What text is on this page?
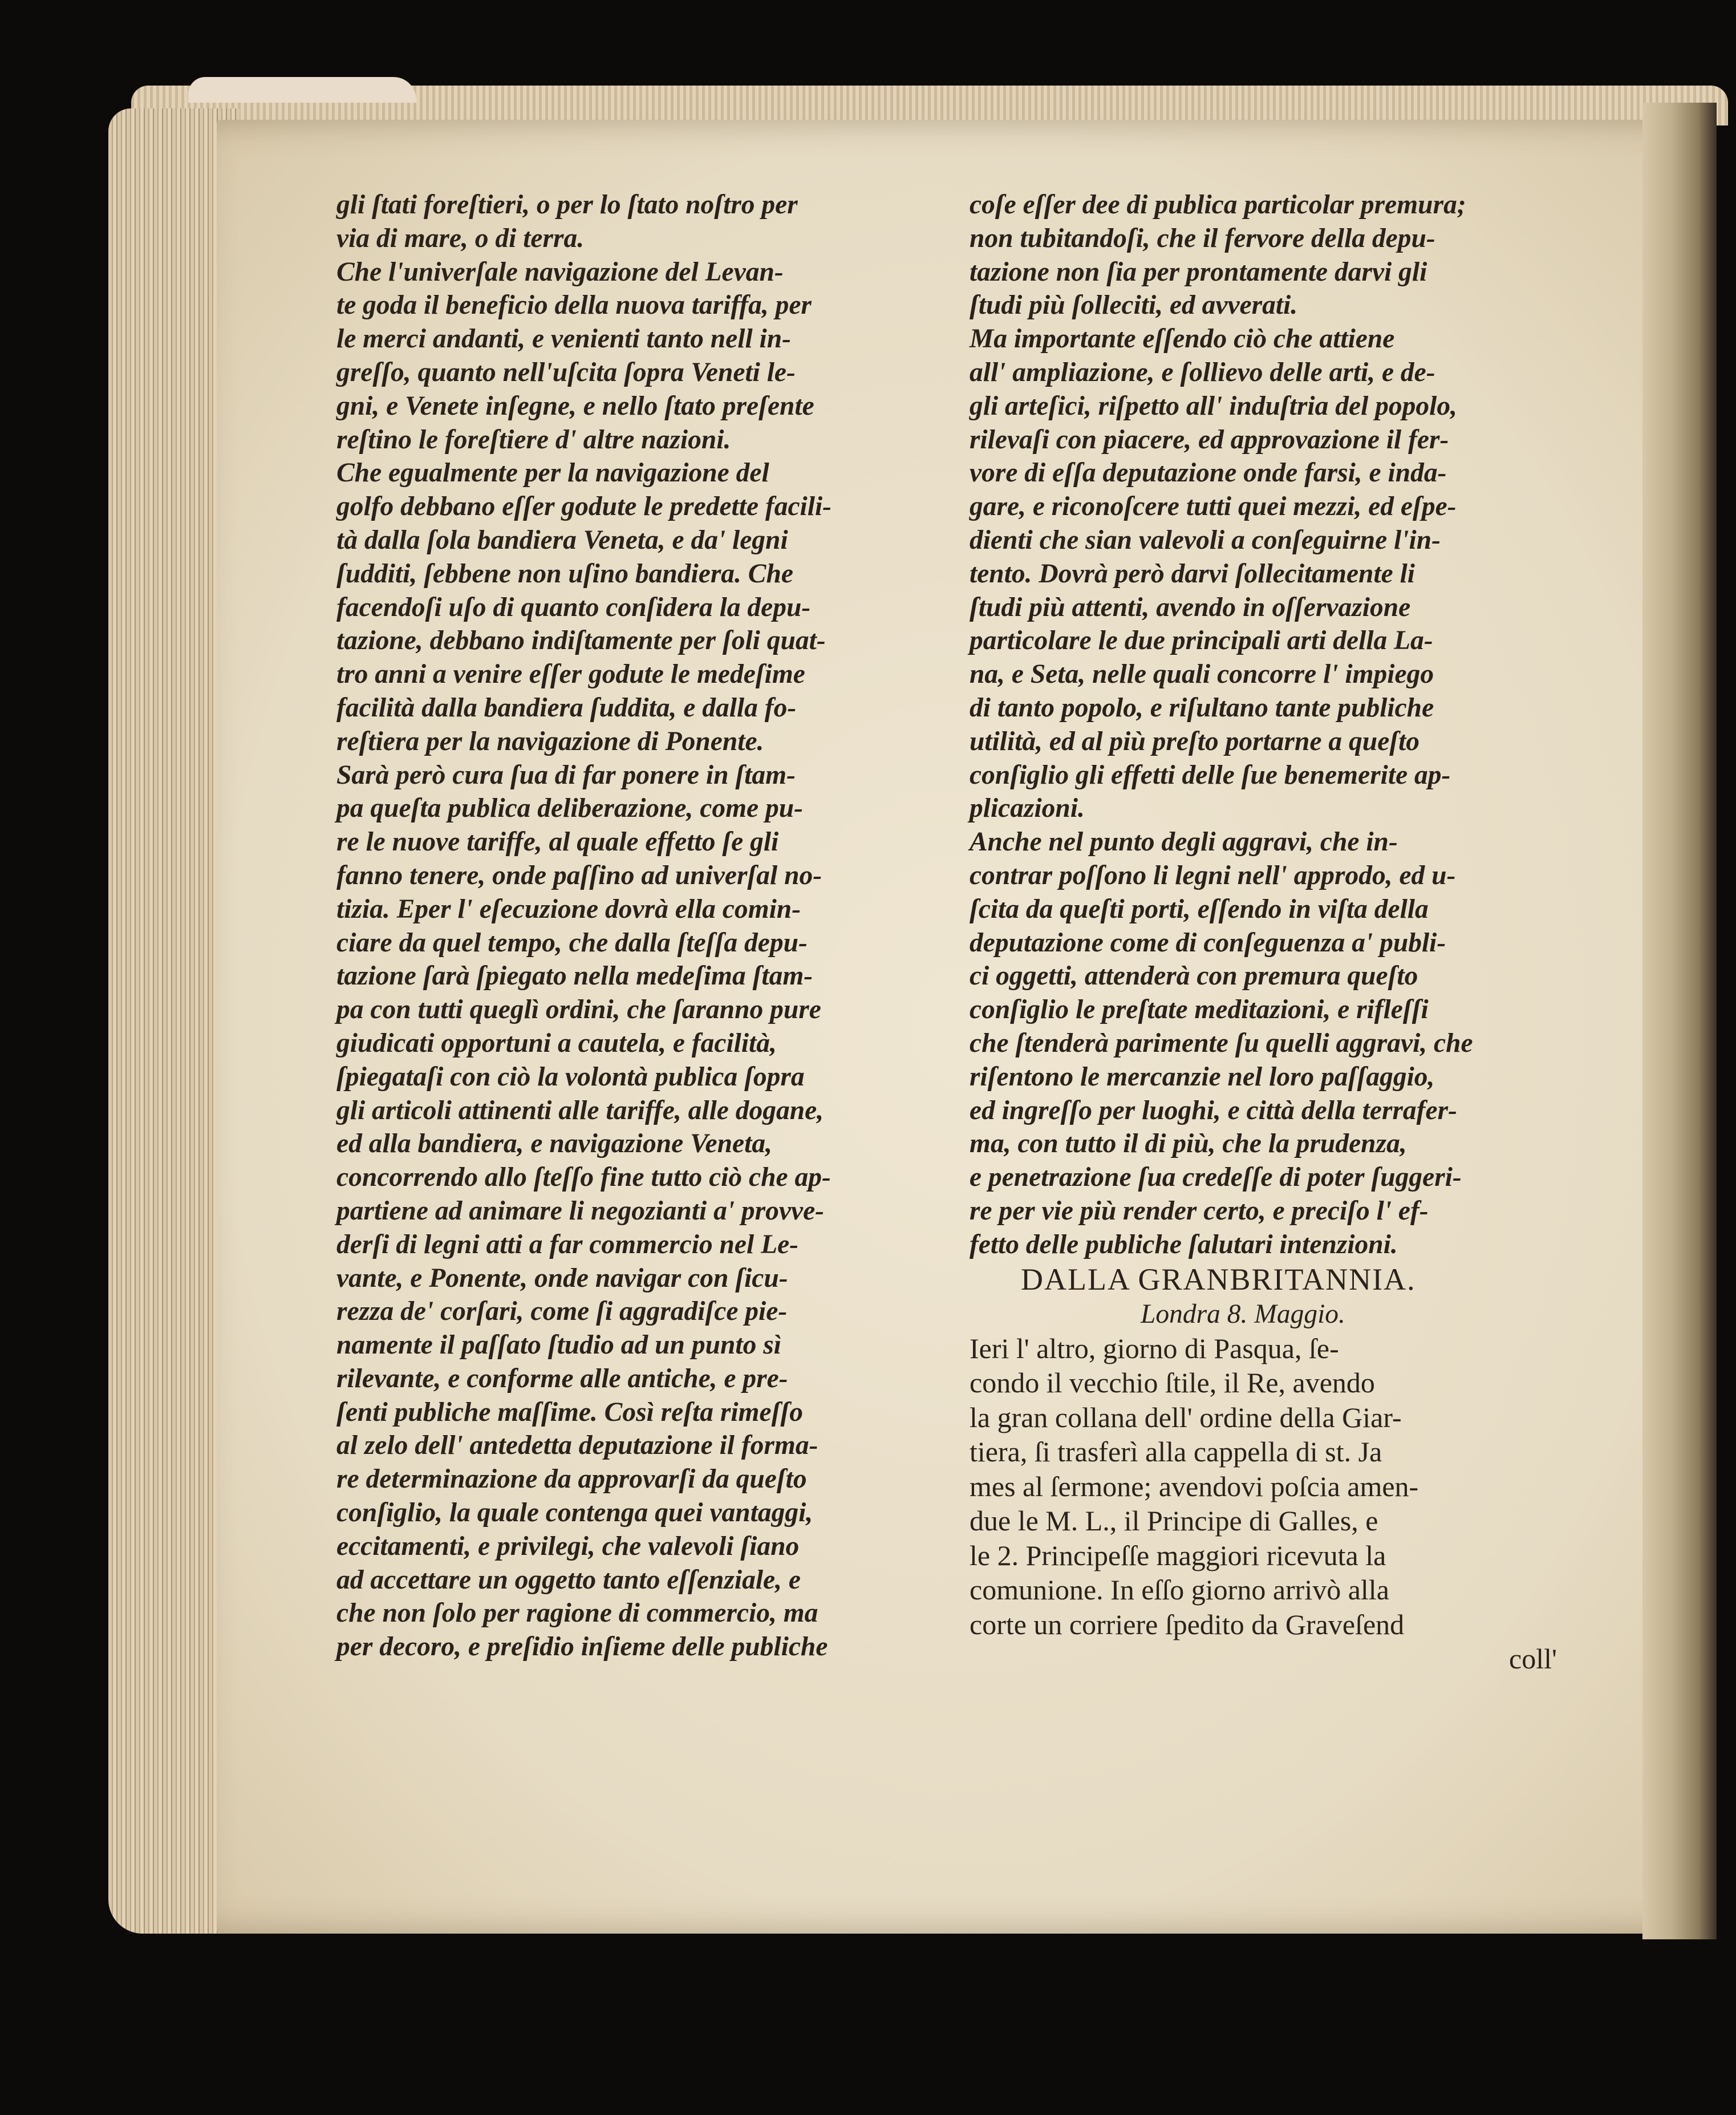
gli ſtati foreſtieri, o per lo ſtato noſtro per
via di mare, o di terra.
Che l'univerſale navigazione del Levan-
te goda il beneficio della nuova tariffa, per
le merci andanti, e venienti tanto nell in-
greſſo, quanto nell'uſcita ſopra Veneti le-
gni, e Venete inſegne, e nello ſtato preſente
reſtino le foreſtiere d' altre nazioni.
Che egualmente per la navigazione del
golfo debbano eſſer godute le predette facili-
tà dalla ſola bandiera Veneta, e da' legni
ſudditi, ſebbene non uſino bandiera. Che
facendoſi uſo di quanto conſidera la depu-
tazione, debbano indiſtamente per ſoli quat-
tro anni a venire eſſer godute le medeſime
facilità dalla bandiera ſuddita, e dalla fo-
reſtiera per la navigazione di Ponente.
Sarà però cura ſua di far ponere in ſtam-
pa queſta publica deliberazione, come pu-
re le nuove tariffe, al quale effetto ſe gli
fanno tenere, onde paſſino ad univerſal no-
tizia. Eper l' eſecuzione dovrà ella comin-
ciare da quel tempo, che dalla ſteſſa depu-
tazione ſarà ſpiegato nella medeſima ſtam-
pa con tutti queglì ordini, che ſaranno pure
giudicati opportuni a cautela, e facilità,
ſpiegataſi con ciò la volontà publica ſopra
gli articoli attinenti alle tariffe, alle dogane,
ed alla bandiera, e navigazione Veneta,
concorrendo allo ſteſſo fine tutto ciò che ap-
partiene ad animare li negozianti a' provve-
derſi di legni atti a far commercio nel Le-
vante, e Ponente, onde navigar con ſicu-
rezza de' corſari, come ſi aggradiſce pie-
namente il paſſato ſtudio ad un punto sì
rilevante, e conforme alle antiche, e pre-
ſenti publiche maſſime. Così reſta rimeſſo
al zelo dell' antedetta deputazione il forma-
re determinazione da approvarſi da queſto
conſiglio, la quale contenga quei vantaggi,
eccitamenti, e privilegi, che valevoli ſiano
ad accettare un oggetto tanto eſſenziale, e
che non ſolo per ragione di commercio, ma
per decoro, e preſidio inſieme delle publiche
coſe eſſer dee di publica particolar premura;
non tubitandoſi, che il fervore della depu-
tazione non ſia per prontamente darvi gli
ſtudi più ſolleciti, ed avverati.
Ma importante eſſendo ciò che attiene
all' ampliazione, e ſollievo delle arti, e de-
gli arteſici, riſpetto all' induſtria del popolo,
rilevaſi con piacere, ed approvazione il fer-
vore di eſſa deputazione onde farsi, e inda-
gare, e riconoſcere tutti quei mezzi, ed eſpe-
dienti che sian valevoli a conſeguirne l'in-
tento. Dovrà però darvi ſollecitamente li
ſtudi più attenti, avendo in oſſervazione
particolare le due principali arti della La-
na, e Seta, nelle quali concorre l' impiego
di tanto popolo, e riſultano tante publiche
utilità, ed al più preſto portarne a queſto
conſiglio gli effetti delle ſue benemerite ap-
plicazioni.
Anche nel punto degli aggravi, che in-
contrar poſſono li legni nell' approdo, ed u-
ſcita da queſti porti, eſſendo in viſta della
deputazione come di conſeguenza a' publi-
ci oggetti, attenderà con premura queſto
conſiglio le preſtate meditazioni, e rifleſſi
che ſtenderà parimente ſu quelli aggravi, che
riſentono le mercanzie nel loro paſſaggio,
ed ingreſſo per luoghi, e città della terrafer-
ma, con tutto il di più, che la prudenza,
e penetrazione ſua credeſſe di poter ſuggeri-
re per vie più render certo, e preciſo l' ef-
fetto delle publiche ſalutari intenzioni.
DALLA GRANBRITANNIA.
Londra 8. Maggio.
Ieri l' altro, giorno di Pasqua, ſe-
condo il vecchio ſtile, il Re, avendo
la gran collana dell' ordine della Giar-
tiera, ſi trasferì alla cappella di st. Ja
mes al ſermone; avendovi poſcia amen-
due le M. L., il Principe di Galles, e
le 2. Principeſſe maggiori ricevuta la
comunione. In eſſo giorno arrivò alla
corte un corriere ſpedito da Graveſend
coll'
